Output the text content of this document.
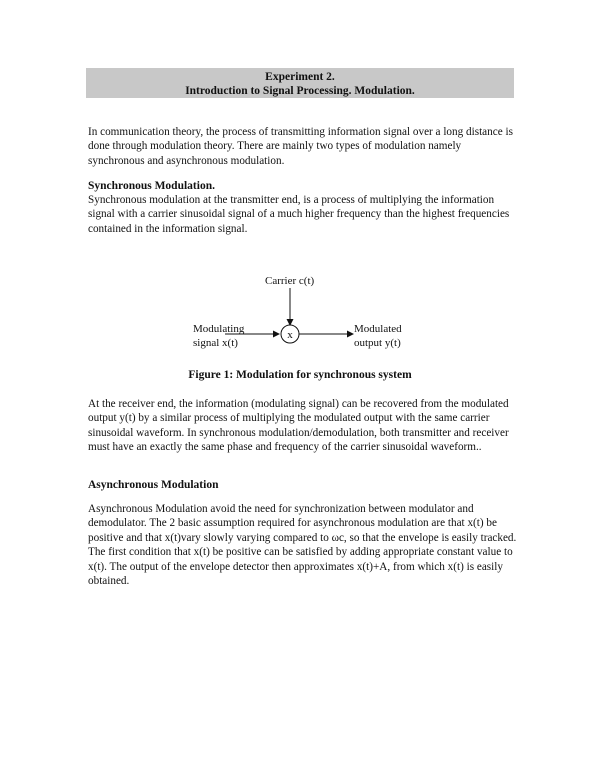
Experiment 2.
Introduction to Signal Processing. Modulation.

In communication theory, the process of transmitting information signal over a long distance is done through modulation theory. There are mainly two types of modulation namely synchronous and asynchronous modulation.

Synchronous Modulation.

Synchronous modulation at the transmitter end, is a process of multiplying the information signal with a carrier sinusoidal signal of a much higher frequency than the highest frequencies contained in the information signal.

Carrier c(t)
x
Modulating
signal x(t)
Modulated
output y(t)
Figure 1: Modulation for synchronous system

At the receiver end, the information (modulating signal) can be recovered from the modulated output y(t) by a similar process of multiplying the modulated output with the same carrier sinusoidal waveform. In synchronous modulation/demodulation, both transmitter and receiver must have an exactly the same phase and frequency of the carrier sinusoidal waveform..

Asynchronous Modulation

Asynchronous Modulation avoid the need for synchronization between modulator and demodulator. The 2 basic assumption required for asynchronous modulation are that x(t) be positive and that x(t)vary slowly varying compared to ωc, so that the envelope is easily tracked. The first condition that x(t) be positive can be satisfied by adding appropriate constant value to x(t). The output of the envelope detector then approximates x(t)+A, from which x(t) is easily obtained.
